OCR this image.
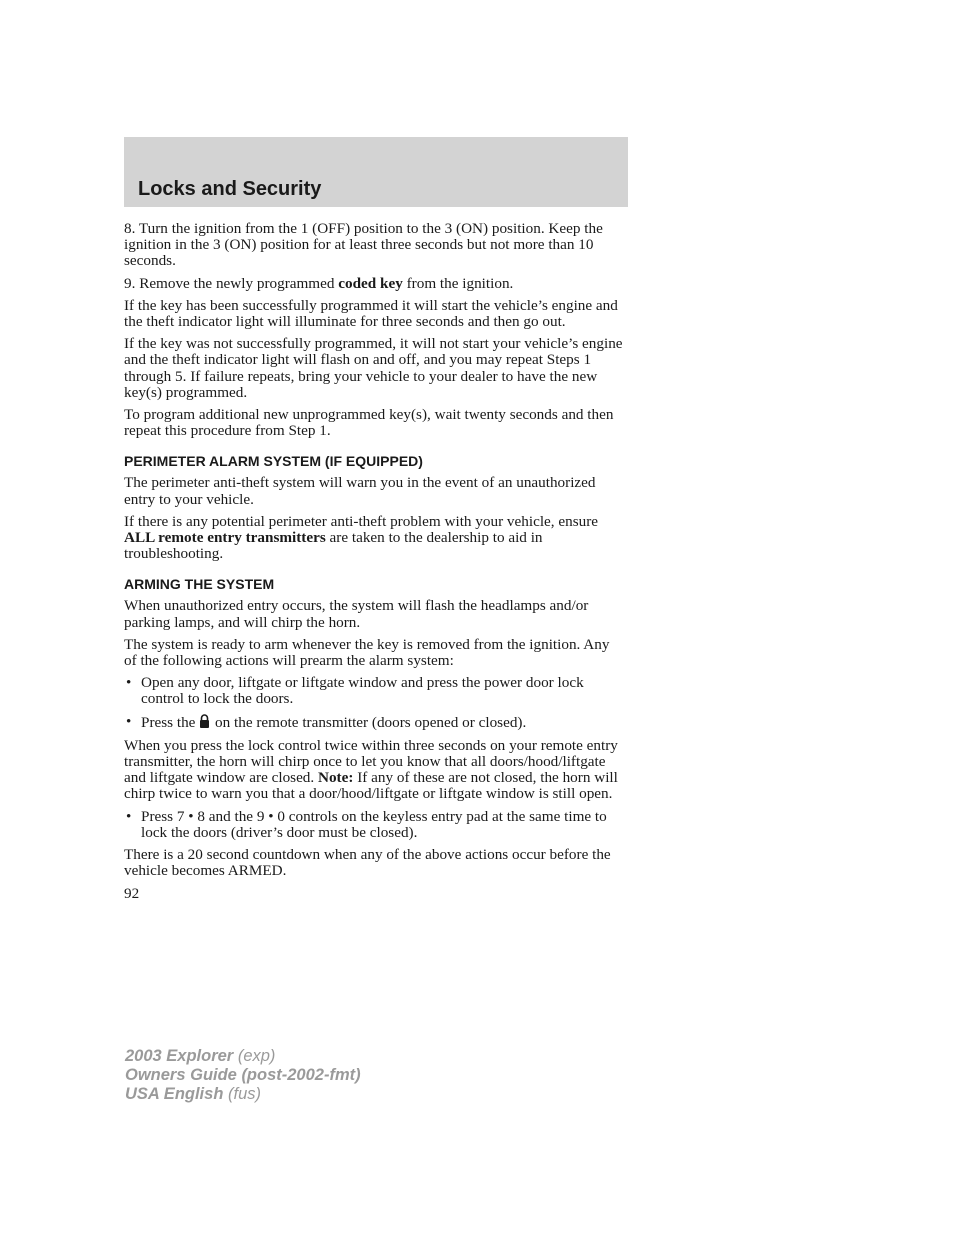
Locks and Security

8. Turn the ignition from the 1 (OFF) position to the 3 (ON) position. Keep the ignition in the 3 (ON) position for at least three seconds but not more than 10 seconds.

9. Remove the newly programmed coded key from the ignition.

If the key has been successfully programmed it will start the vehicle’s engine and the theft indicator light will illuminate for three seconds and then go out.

If the key was not successfully programmed, it will not start your vehicle’s engine and the theft indicator light will flash on and off, and you may repeat Steps 1 through 5. If failure repeats, bring your vehicle to your dealer to have the new key(s) programmed.

To program additional new unprogrammed key(s), wait twenty seconds and then repeat this procedure from Step 1.

PERIMETER ALARM SYSTEM (IF EQUIPPED)

The perimeter anti-theft system will warn you in the event of an unauthorized entry to your vehicle.

If there is any potential perimeter anti-theft problem with your vehicle, ensure ALL remote entry transmitters are taken to the dealership to aid in troubleshooting.

ARMING THE SYSTEM

When unauthorized entry occurs, the system will flash the headlamps and/or parking lamps, and will chirp the horn.

The system is ready to arm whenever the key is removed from the ignition. Any of the following actions will prearm the alarm system:

• Open any door, liftgate or liftgate window and press the power door lock control to lock the doors.
• Press the  on the remote transmitter (doors opened or closed).

When you press the lock control twice within three seconds on your remote entry transmitter, the horn will chirp once to let you know that all doors/hood/liftgate and liftgate window are closed. Note: If any of these are not closed, the horn will chirp twice to warn you that a door/hood/liftgate or liftgate window is still open.

• Press 7 • 8 and the 9 • 0 controls on the keyless entry pad at the same time to lock the doors (driver’s door must be closed).

There is a 20 second countdown when any of the above actions occur before the vehicle becomes ARMED.

92

2003 Explorer (exp)
Owners Guide (post-2002-fmt)
USA English (fus)
